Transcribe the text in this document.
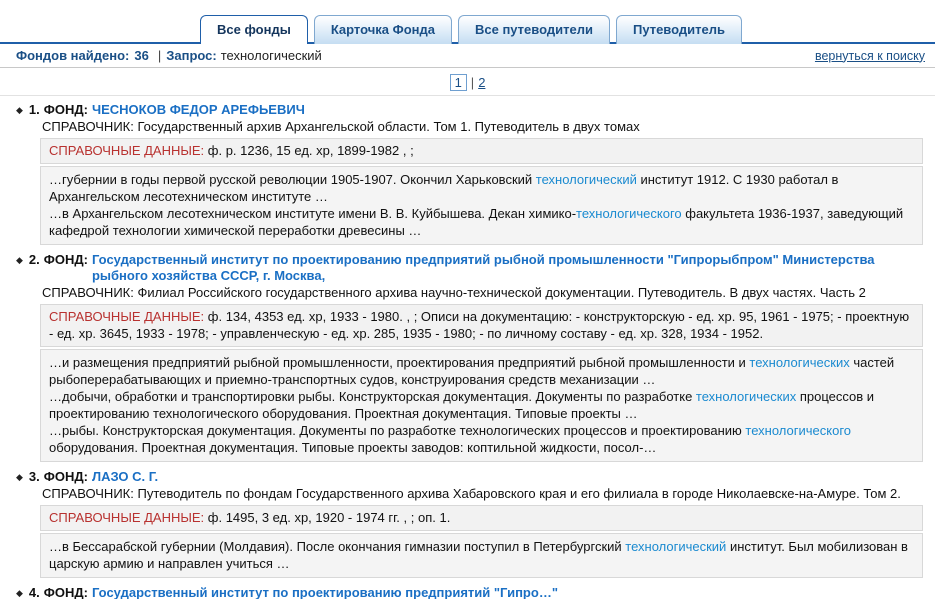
Все фонды	Карточка Фонда	Все путеводители	Путеводитель
Фондов найдено: 36 | Запрос: технологический	вернуться к поиску
1 | 2
◆ 1. ФОНД: ЧЕСНОКОВ ФЕДОР АРЕФЬЕВИЧ
СПРАВОЧНИК: Государственный архив Архангельской области. Том 1. Путеводитель в двух томах
СПРАВОЧНЫЕ ДАННЫЕ: ф. р. 1236, 15 ед. хр, 1899-1982 , ;
…губернии в годы первой русской революции 1905-1907. Окончил Харьковский технологический институт 1912. С 1930 работал в Архангельском лесотехническом институте …
…в Архангельском лесотехническом институте имени В. В. Куйбышева. Декан химико-технологического факультета 1936-1937, заведующий кафедрой технологии химической переработки древесины …
◆ 2. ФОНД: Государственный институт по проектированию предприятий рыбной промышленности "Гипрорыбпром" Министерства рыбного хозяйства СССР, г. Москва,
СПРАВОЧНИК: Филиал Российского государственного архива научно-технической документации. Путеводитель. В двух частях. Часть 2
СПРАВОЧНЫЕ ДАННЫЕ: ф. 134, 4353 ед. хр, 1933 - 1980. , ; Описи на документацию: - конструкторскую - ед. хр. 95, 1961 - 1975; - проектную - ед. хр. 3645, 1933 - 1978; - управленческую - ед. хр. 285, 1935 - 1980; - по личному составу - ед. хр. 328, 1934 - 1952.
…и размещения предприятий рыбной промышленности, проектирования предприятий рыбной промышленности и технологических частей рыбоперерабатывающих и приемно-транспортных судов, конструирования средств механизации …
…добычи, обработки и транспортировки рыбы. Конструкторская документация. Документы по разработке технологических процессов и проектированию технологического оборудования. Проектная документация. Типовые проекты …
…рыбы. Конструкторская документация. Документы по разработке технологических процессов и проектированию технологического оборудования. Проектная документация. Типовые проекты заводов: коптильной жидкости, посол-…
◆ 3. ФОНД: ЛАЗО С. Г.
СПРАВОЧНИК: Путеводитель по фондам Государственного архива Хабаровского края и его филиала в городе Николаевске-на-Амуре. Том 2.
СПРАВОЧНЫЕ ДАННЫЕ: ф. 1495, 3 ед. хр, 1920 - 1974 гг. , ; оп. 1.
…в Бессарабской губернии (Молдавия). После окончания гимназии поступил в Петербургский технологический институт. Был мобилизован в царскую армию и направлен учиться …
◆ 4. ФОНД: Государственный институт по проектированию предприятий "Гипро…"
